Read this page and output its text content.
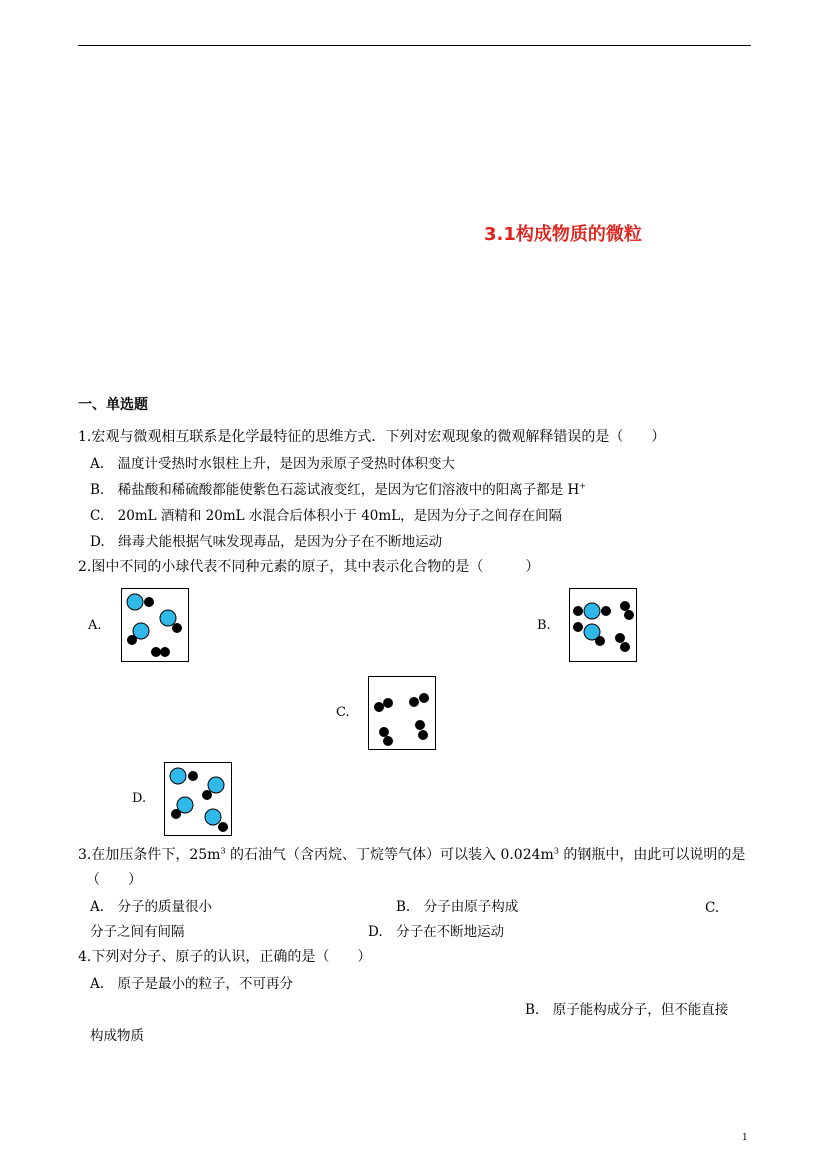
3.1构成物质的微粒
一、单选题
1.宏观与微观相互联系是化学最特征的思维方式．下列对宏观现象的微观解释错误的是（　　）
A.　温度计受热时水银柱上升，是因为汞原子受热时体积变大
B.　稀盐酸和稀硫酸都能使紫色石蕊试液变红，是因为它们溶液中的阳离子都是 H+
C.　20mL 酒精和 20mL 水混合后体积小于 40mL，是因为分子之间存在间隔
D.　缉毒犬能根据气味发现毒品，是因为分子在不断地运动
2.图中不同的小球代表不同种元素的原子，其中表示化合物的是（　　　）
A.	B.
C.
D.
3.在加压条件下，$25m^3$ 的石油气（含丙烷、丁烷等气体）可以装入 $0.024m^3$ 的钢瓶中，由此可以说明的是
（　　）
A.　分子的质量很小	B.　分子由原子构成	C.
分子之间有间隔	D.　分子在不断地运动
4.下列对分子、原子的认识，正确的是（　　）
A.　原子是最小的粒子，不可再分
B.　原子能构成分子，但不能直接
构成物质
1
